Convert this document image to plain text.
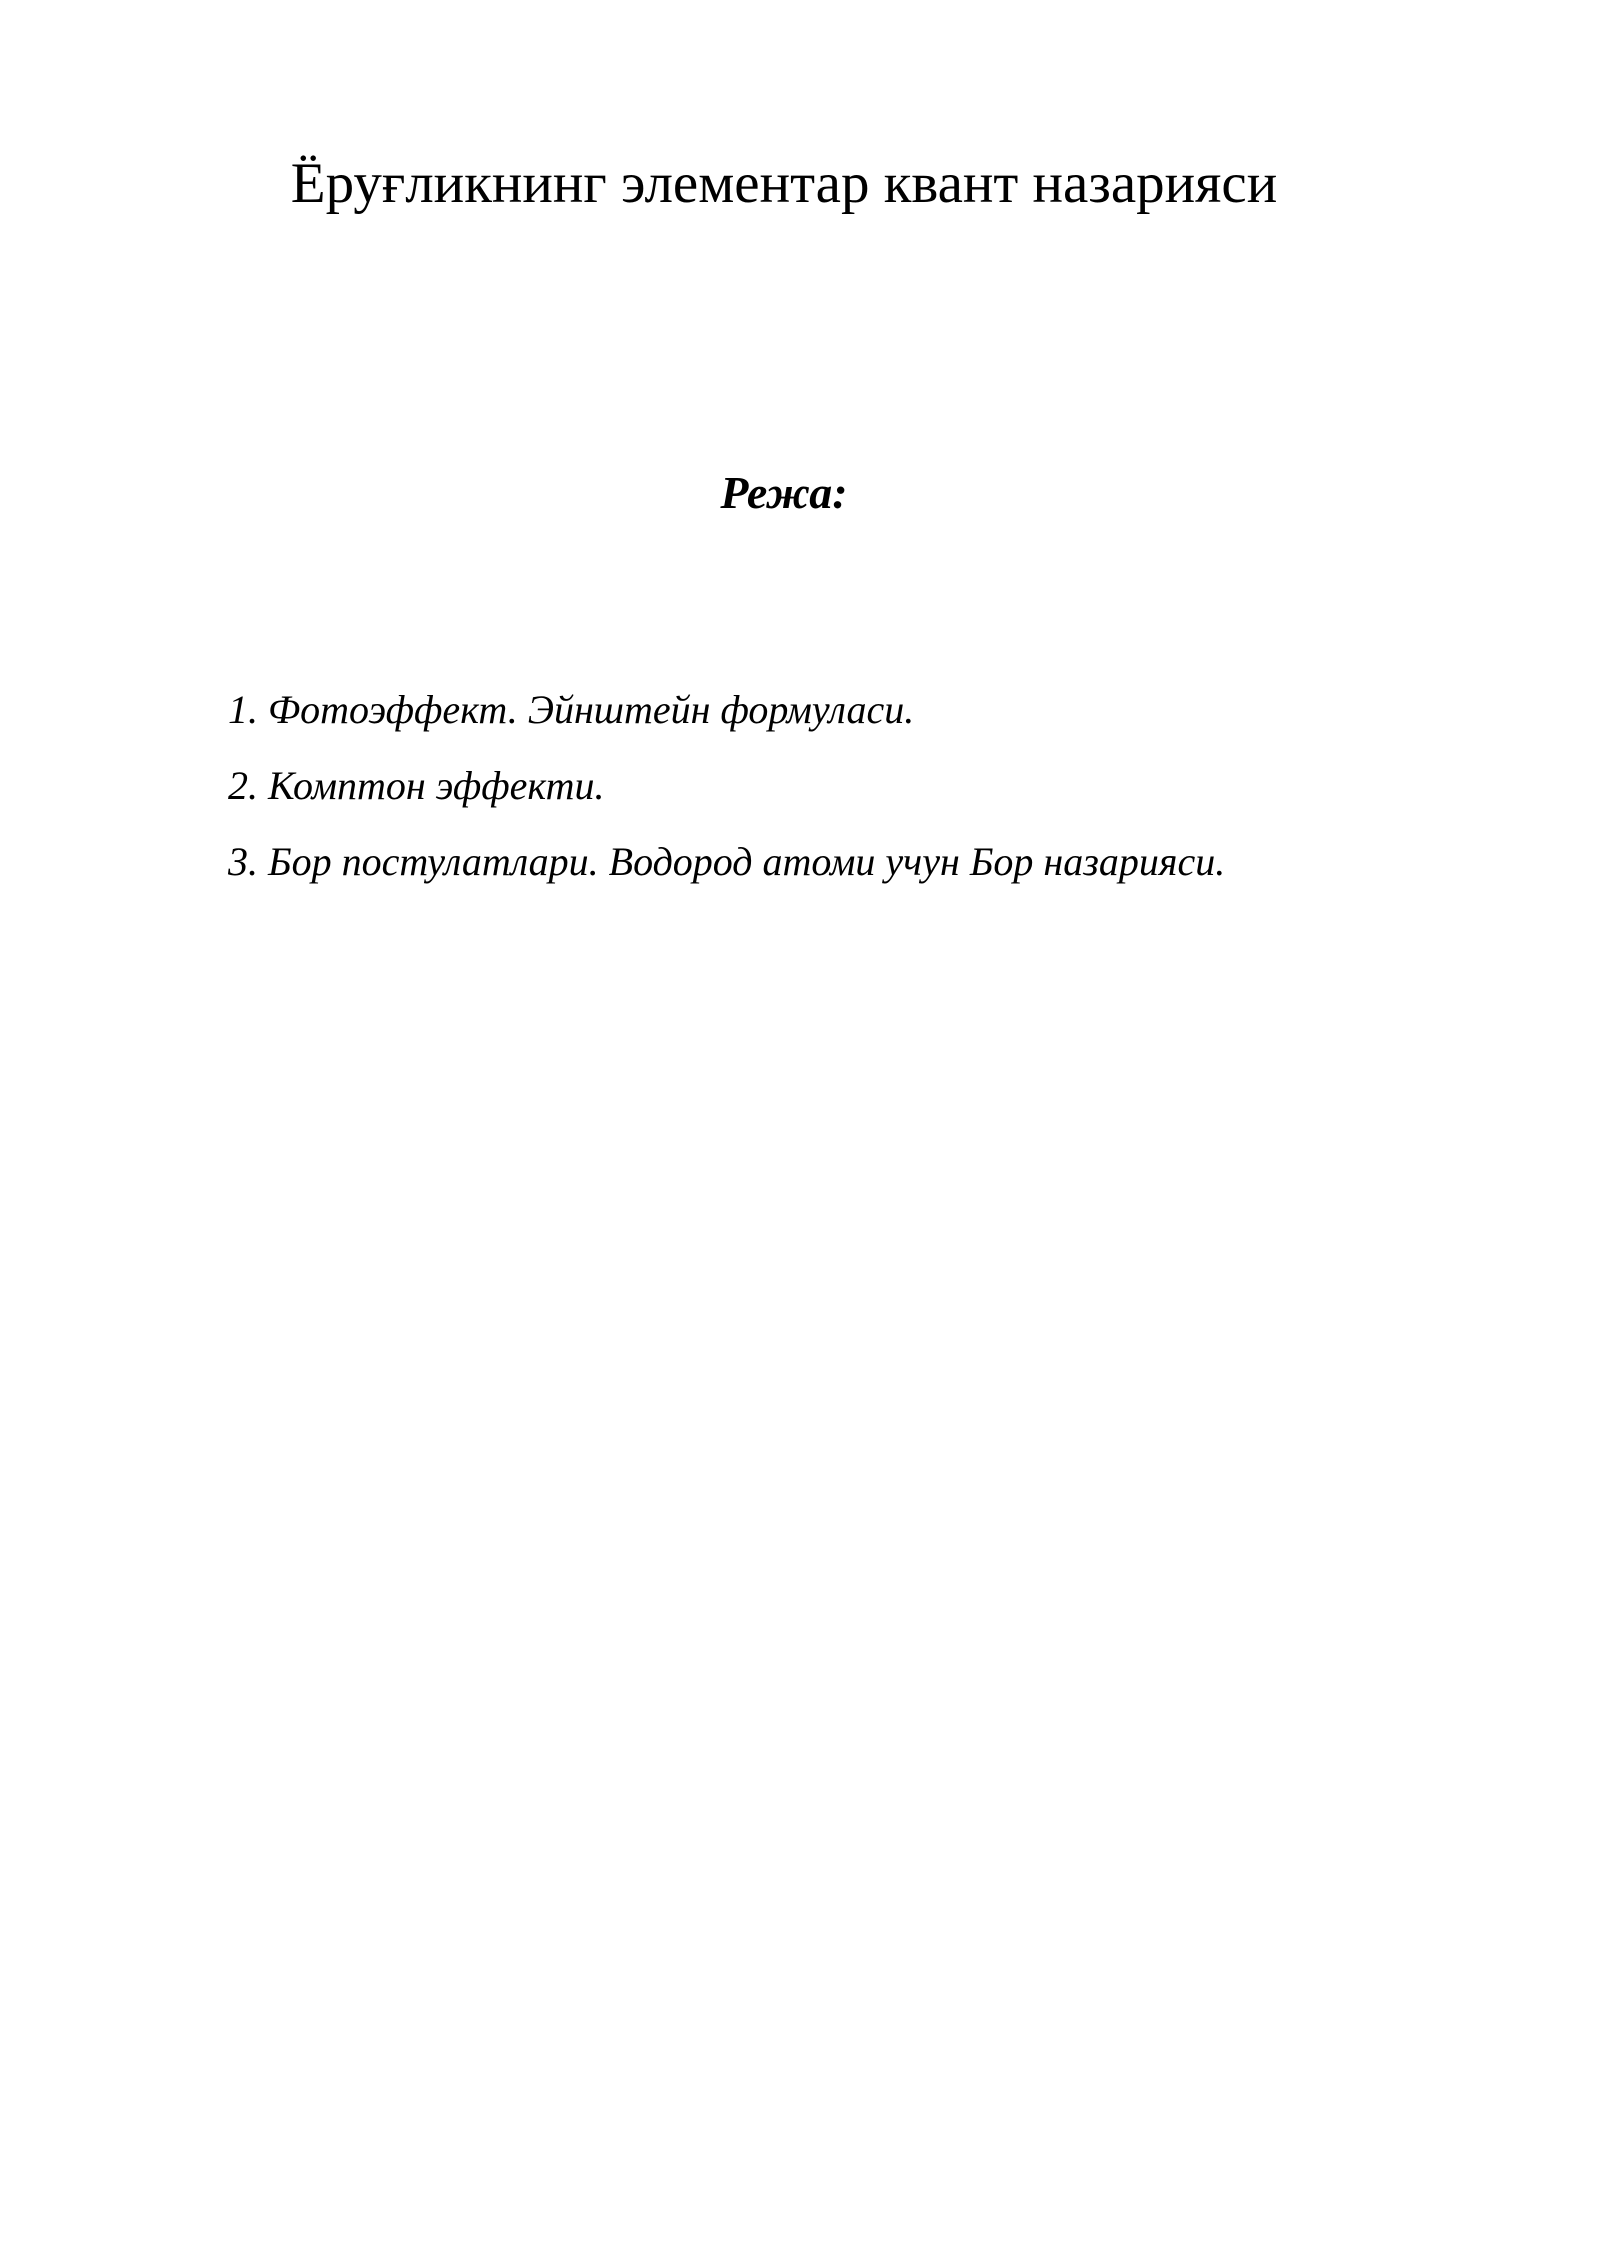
Ёруғликнинг элементар квант назарияси
Режа:
1. Фотоэффект. Эйнштейн формуласи.
2. Комптон эффекти.
3. Бор постулатлари. Водород атоми учун Бор назарияси.
